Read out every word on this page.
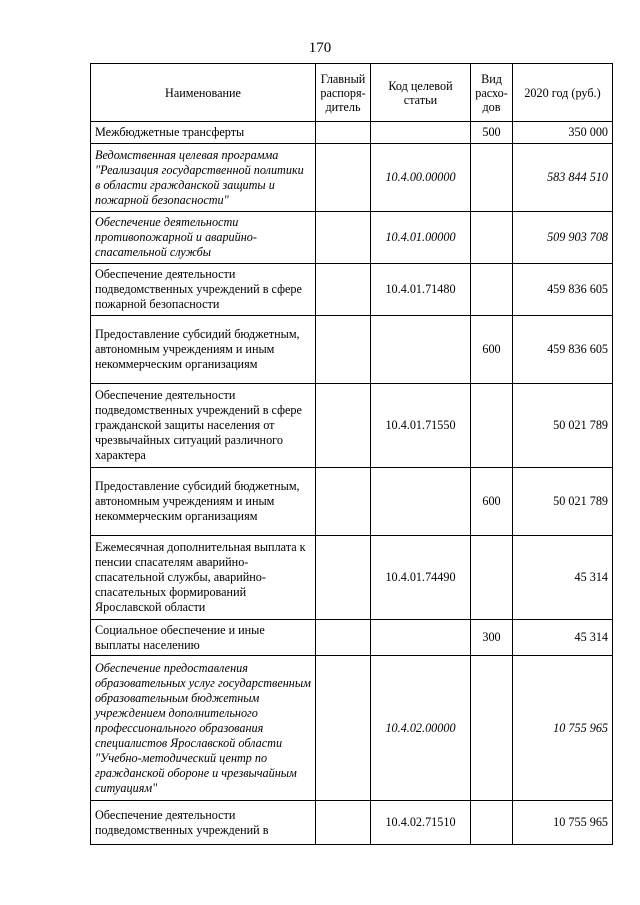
170
Наименование	Главный распоря-дитель	Код целевой статьи	Вид расхо-дов	2020 год (руб.)
Межбюджетные трансферты			500	350 000
Ведомственная целевая программа "Реализация государственной политики в области гражданской защиты и пожарной безопасности"		10.4.00.00000		583 844 510
Обеспечение деятельности противопожарной и аварийно-спасательной службы		10.4.01.00000		509 903 708
Обеспечение деятельности подведомственных учреждений в сфере пожарной безопасности		10.4.01.71480		459 836 605
Предоставление субсидий бюджетным, автономным учреждениям и иным некоммерческим организациям			600	459 836 605
Обеспечение деятельности подведомственных учреждений в сфере гражданской защиты населения от чрезвычайных ситуаций различного характера		10.4.01.71550		50 021 789
Предоставление субсидий бюджетным, автономным учреждениям и иным некоммерческим организациям			600	50 021 789
Ежемесячная дополнительная выплата к пенсии спасателям аварийно-спасательной службы, аварийно-спасательных формирований Ярославской области		10.4.01.74490		45 314
Социальное обеспечение и иные выплаты населению			300	45 314
Обеспечение предоставления образовательных услуг государственным образовательным бюджетным учреждением дополнительного профессионального образования специалистов Ярославской области "Учебно-методический центр по гражданской обороне и чрезвычайным ситуациям"		10.4.02.00000		10 755 965
Обеспечение деятельности подведомственных учреждений в		10.4.02.71510		10 755 965
